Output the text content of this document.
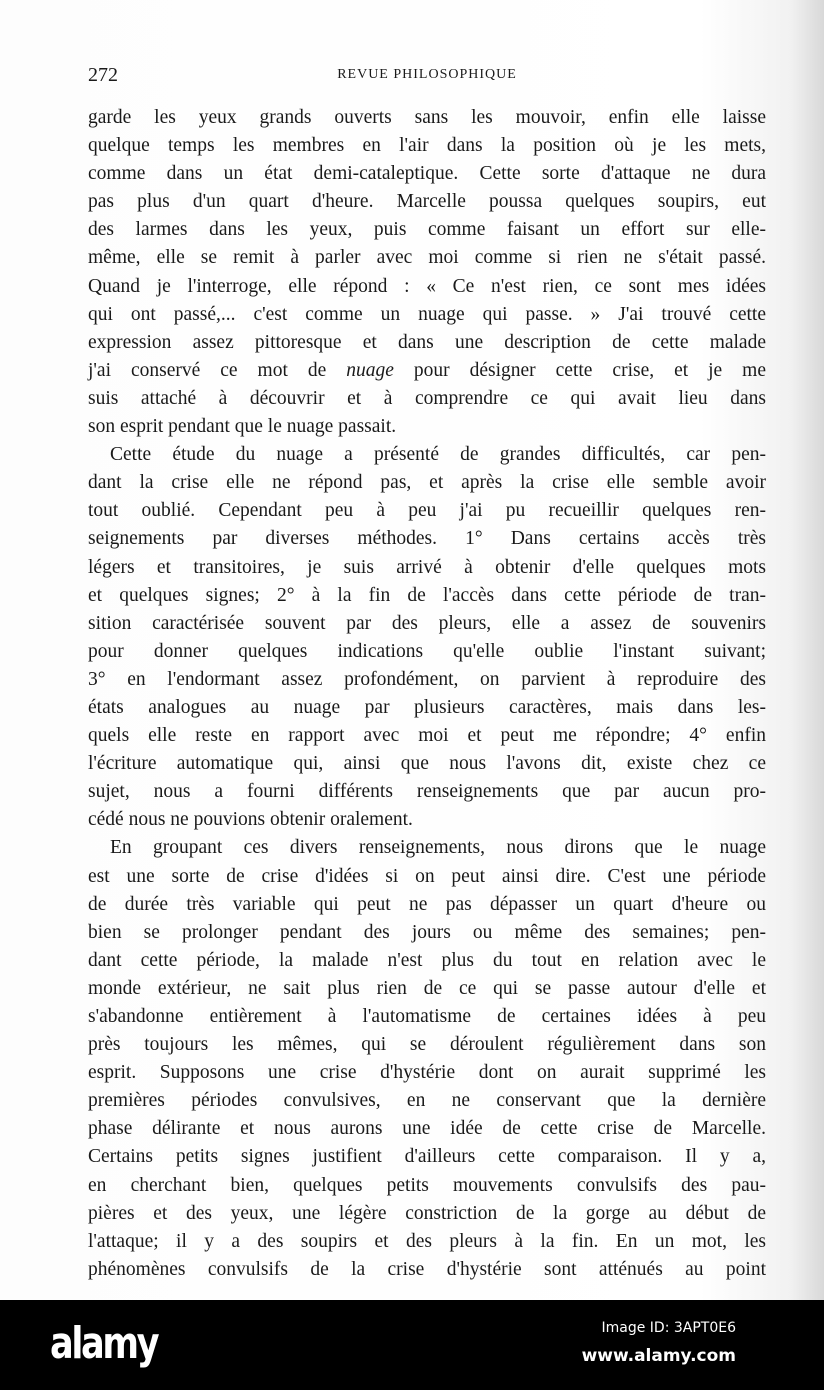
272	REVUE PHILOSOPHIQUE
garde les yeux grands ouverts sans les mouvoir, enfin elle laisse
quelque temps les membres en l'air dans la position où je les mets,
comme dans un état demi-cataleptique. Cette sorte d'attaque ne dura
pas plus d'un quart d'heure. Marcelle poussa quelques soupirs, eut
des larmes dans les yeux, puis comme faisant un effort sur elle-
même, elle se remit à parler avec moi comme si rien ne s'était passé.
Quand je l'interroge, elle répond : « Ce n'est rien, ce sont mes idées
qui ont passé,... c'est comme un nuage qui passe. » J'ai trouvé cette
expression assez pittoresque et dans une description de cette malade
j'ai conservé ce mot de nuage pour désigner cette crise, et je me
suis attaché à découvrir et à comprendre ce qui avait lieu dans
son esprit pendant que le nuage passait.
Cette étude du nuage a présenté de grandes difficultés, car pen-
dant la crise elle ne répond pas, et après la crise elle semble avoir
tout oublié. Cependant peu à peu j'ai pu recueillir quelques ren-
seignements par diverses méthodes. 1° Dans certains accès très
légers et transitoires, je suis arrivé à obtenir d'elle quelques mots
et quelques signes; 2° à la fin de l'accès dans cette période de tran-
sition caractérisée souvent par des pleurs, elle a assez de souvenirs
pour donner quelques indications qu'elle oublie l'instant suivant;
3° en l'endormant assez profondément, on parvient à reproduire des
états analogues au nuage par plusieurs caractères, mais dans les-
quels elle reste en rapport avec moi et peut me répondre; 4° enfin
l'écriture automatique qui, ainsi que nous l'avons dit, existe chez ce
sujet, nous a fourni différents renseignements que par aucun pro-
cédé nous ne pouvions obtenir oralement.
En groupant ces divers renseignements, nous dirons que le nuage
est une sorte de crise d'idées si on peut ainsi dire. C'est une période
de durée très variable qui peut ne pas dépasser un quart d'heure ou
bien se prolonger pendant des jours ou même des semaines; pen-
dant cette période, la malade n'est plus du tout en relation avec le
monde extérieur, ne sait plus rien de ce qui se passe autour d'elle et
s'abandonne entièrement à l'automatisme de certaines idées à peu
près toujours les mêmes, qui se déroulent régulièrement dans son
esprit. Supposons une crise d'hystérie dont on aurait supprimé les
premières périodes convulsives, en ne conservant que la dernière
phase délirante et nous aurons une idée de cette crise de Marcelle.
Certains petits signes justifient d'ailleurs cette comparaison. Il y a,
en cherchant bien, quelques petits mouvements convulsifs des pau-
pières et des yeux, une légère constriction de la gorge au début de
l'attaque; il y a des soupirs et des pleurs à la fin. En un mot, les
phénomènes convulsifs de la crise d'hystérie sont atténués au point
alamy	Image ID: 3APT0E6
www.alamy.com
